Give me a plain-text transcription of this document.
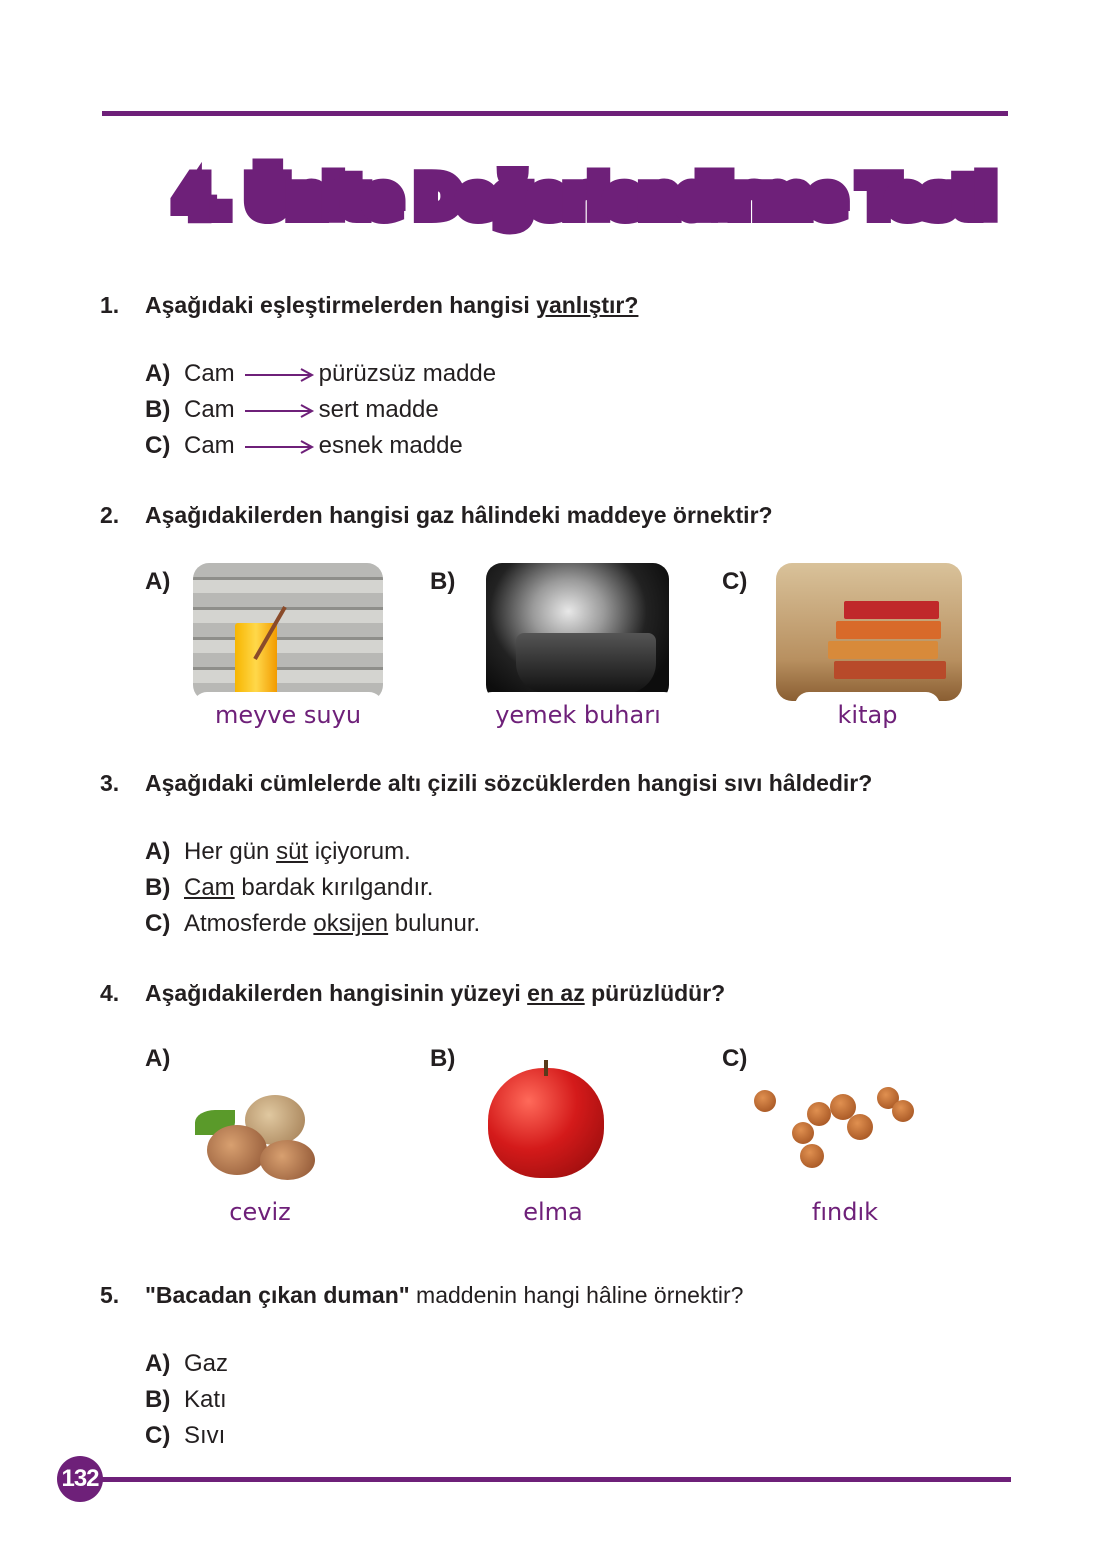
4. Ünite Değerlendirme Testi
1. Aşağıdaki eşleştirmelerden hangisi yanlıştır?
A) Cam	pürüzsüz madde
B) Cam	sert madde
C) Cam	esnek madde
2. Aşağıdakilerden hangisi gaz hâlindeki maddeye örnektir?
A)	B)	C)
meyve suyu	yemek buharı	kitap
3. Aşağıdaki cümlelerde altı çizili sözcüklerden hangisi sıvı hâldedir?
A) Her gün süt içiyorum.
B) Cam bardak kırılgandır.
C) Atmosferde oksijen bulunur.
4. Aşağıdakilerden hangisinin yüzeyi en az pürüzlüdür?
A)	B)	C)
ceviz	elma	fındık
5. "Bacadan çıkan duman" maddenin hangi hâline örnektir?
A) Gaz
B) Katı
C) Sıvı
132
